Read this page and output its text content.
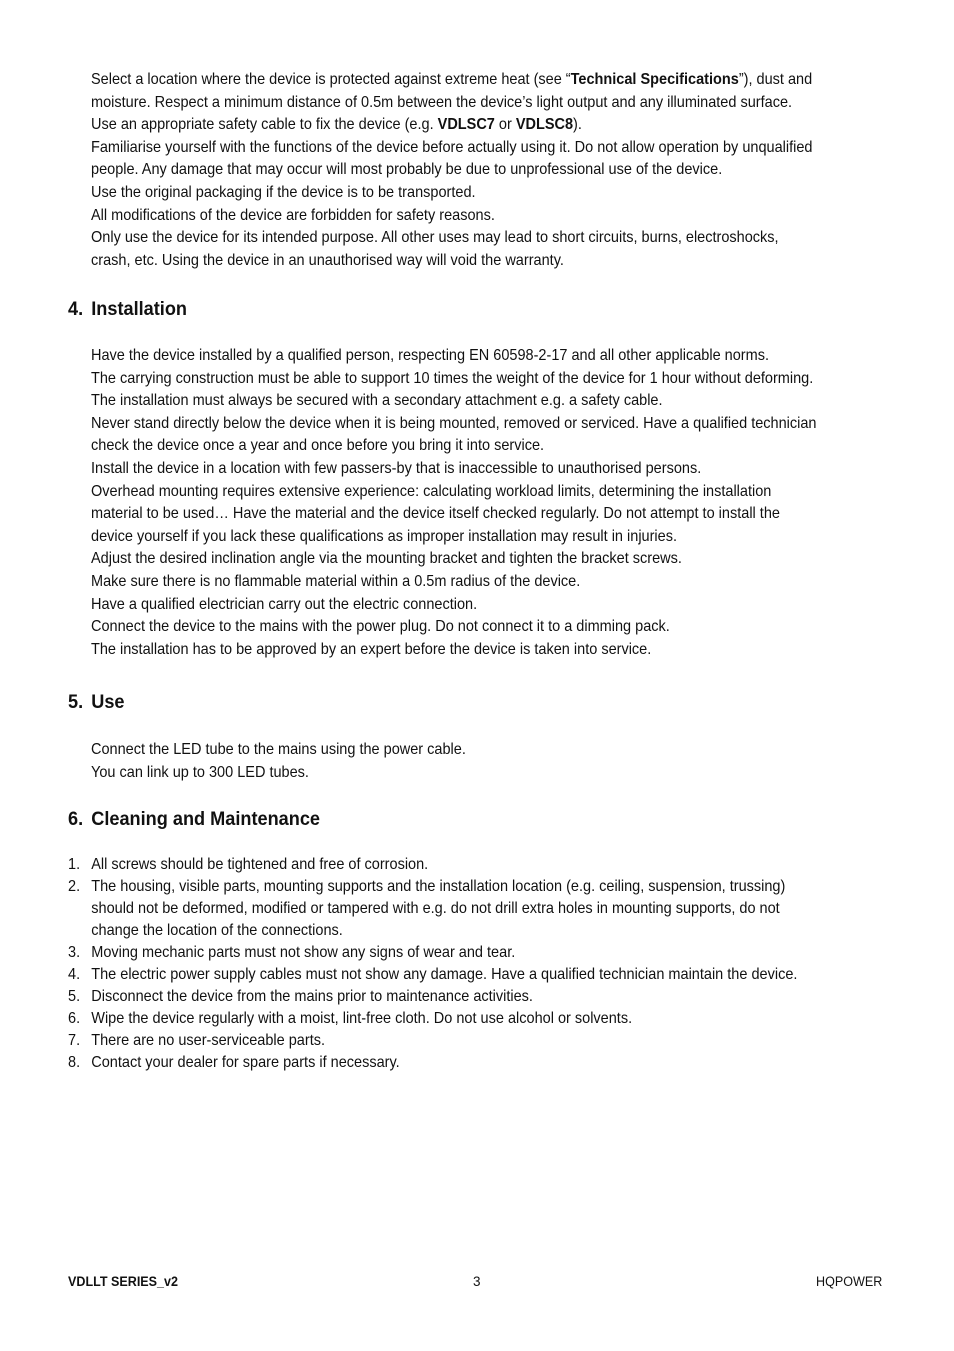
Select a location where the device is protected against extreme heat (see “Technical Specifications”), dust and
moisture. Respect a minimum distance of 0.5m between the device’s light output and any illuminated surface.

Use an appropriate safety cable to fix the device (e.g. VDLSC7 or VDLSC8).

Familiarise yourself with the functions of the device before actually using it. Do not allow operation by unqualified
people. Any damage that may occur will most probably be due to unprofessional use of the device.

Use the original packaging if the device is to be transported.

All modifications of the device are forbidden for safety reasons.

Only use the device for its intended purpose. All other uses may lead to short circuits, burns, electroshocks,
crash, etc. Using the device in an unauthorised way will void the warranty.

4. Installation

Have the device installed by a qualified person, respecting EN 60598-2-17 and all other applicable norms.

The carrying construction must be able to support 10 times the weight of the device for 1 hour without deforming.

The installation must always be secured with a secondary attachment e.g. a safety cable.

Never stand directly below the device when it is being mounted, removed or serviced. Have a qualified technician
check the device once a year and once before you bring it into service.

Install the device in a location with few passers-by that is inaccessible to unauthorised persons.

Overhead mounting requires extensive experience: calculating workload limits, determining the installation
material to be used… Have the material and the device itself checked regularly. Do not attempt to install the
device yourself if you lack these qualifications as improper installation may result in injuries.

Adjust the desired inclination angle via the mounting bracket and tighten the bracket screws.

Make sure there is no flammable material within a 0.5m radius of the device.

Have a qualified electrician carry out the electric connection.

Connect the device to the mains with the power plug. Do not connect it to a dimming pack.

The installation has to be approved by an expert before the device is taken into service.

5. Use

Connect the LED tube to the mains using the power cable.

You can link up to 300 LED tubes.

6. Cleaning and Maintenance
1. All screws should be tightened and free of corrosion.
2. The housing, visible parts, mounting supports and the installation location (e.g. ceiling, suspension, trussing)
should not be deformed, modified or tampered with e.g. do not drill extra holes in mounting supports, do not
change the location of the connections.
3. Moving mechanic parts must not show any signs of wear and tear.
4. The electric power supply cables must not show any damage. Have a qualified technician maintain the device.
5. Disconnect the device from the mains prior to maintenance activities.
6. Wipe the device regularly with a moist, lint-free cloth. Do not use alcohol or solvents.
7. There are no user-serviceable parts.
8. Contact your dealer for spare parts if necessary.
VDLLT SERIES_v2	3	HQPOWER
